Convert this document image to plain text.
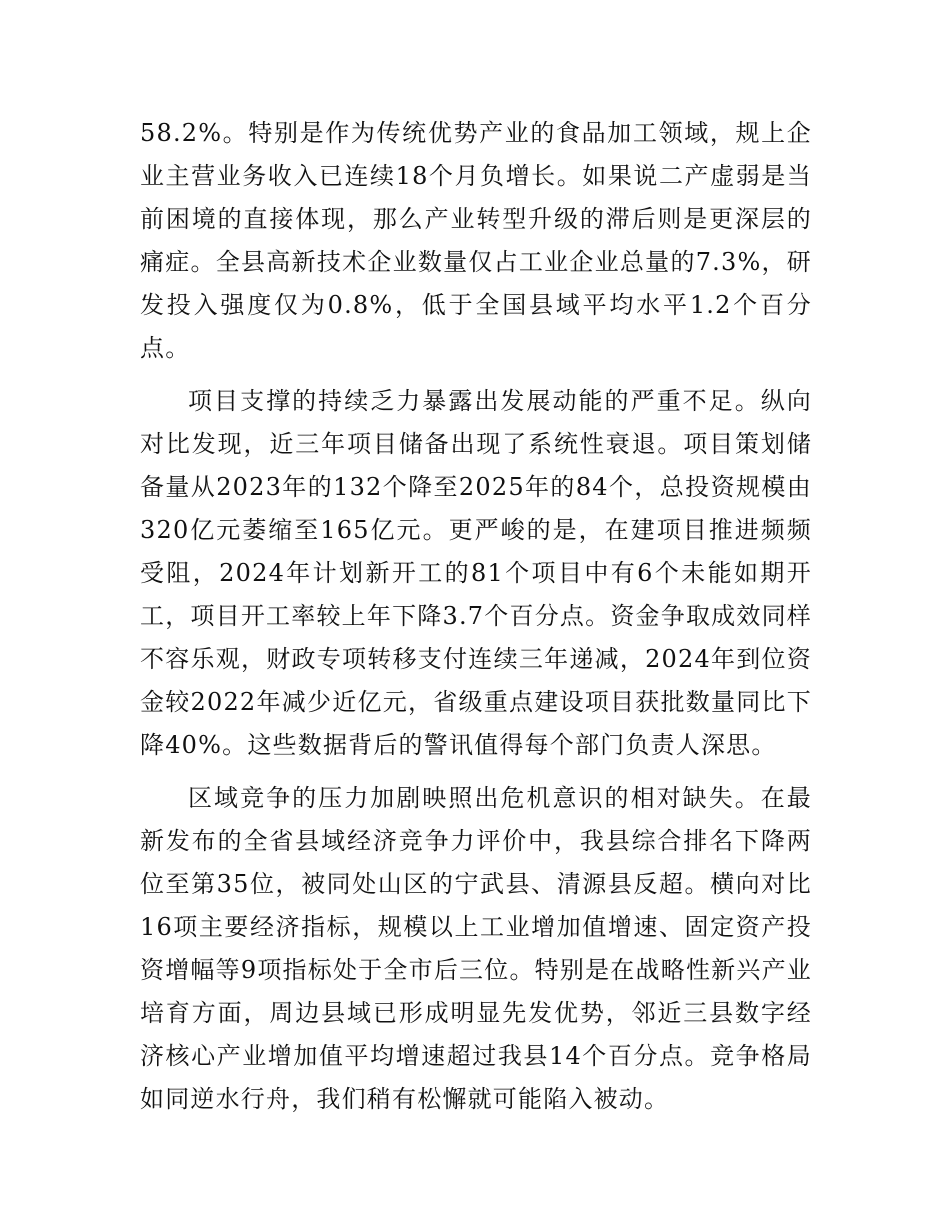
58.2%。特别是作为传统优势产业的食品加工领域，规上企业主营业务收入已连续18个月负增长。如果说二产虚弱是当前困境的直接体现，那么产业转型升级的滞后则是更深层的痛症。全县高新技术企业数量仅占工业企业总量的7.3%，研发投入强度仅为0.8%，低于全国县域平均水平1.2个百分点。

项目支撑的持续乏力暴露出发展动能的严重不足。纵向对比发现，近三年项目储备出现了系统性衰退。项目策划储备量从2023年的132个降至2025年的84个，总投资规模由320亿元萎缩至165亿元。更严峻的是，在建项目推进频频受阻，2024年计划新开工的81个项目中有6个未能如期开工，项目开工率较上年下降3.7个百分点。资金争取成效同样不容乐观，财政专项转移支付连续三年递减，2024年到位资金较2022年减少近亿元，省级重点建设项目获批数量同比下降40%。这些数据背后的警讯值得每个部门负责人深思。

区域竞争的压力加剧映照出危机意识的相对缺失。在最新发布的全省县域经济竞争力评价中，我县综合排名下降两位至第35位，被同处山区的宁武县、清源县反超。横向对比16项主要经济指标，规模以上工业增加值增速、固定资产投资增幅等9项指标处于全市后三位。特别是在战略性新兴产业培育方面，周边县域已形成明显先发优势，邻近三县数字经济核心产业增加值平均增速超过我县14个百分点。竞争格局如同逆水行舟，我们稍有松懈就可能陷入被动。
